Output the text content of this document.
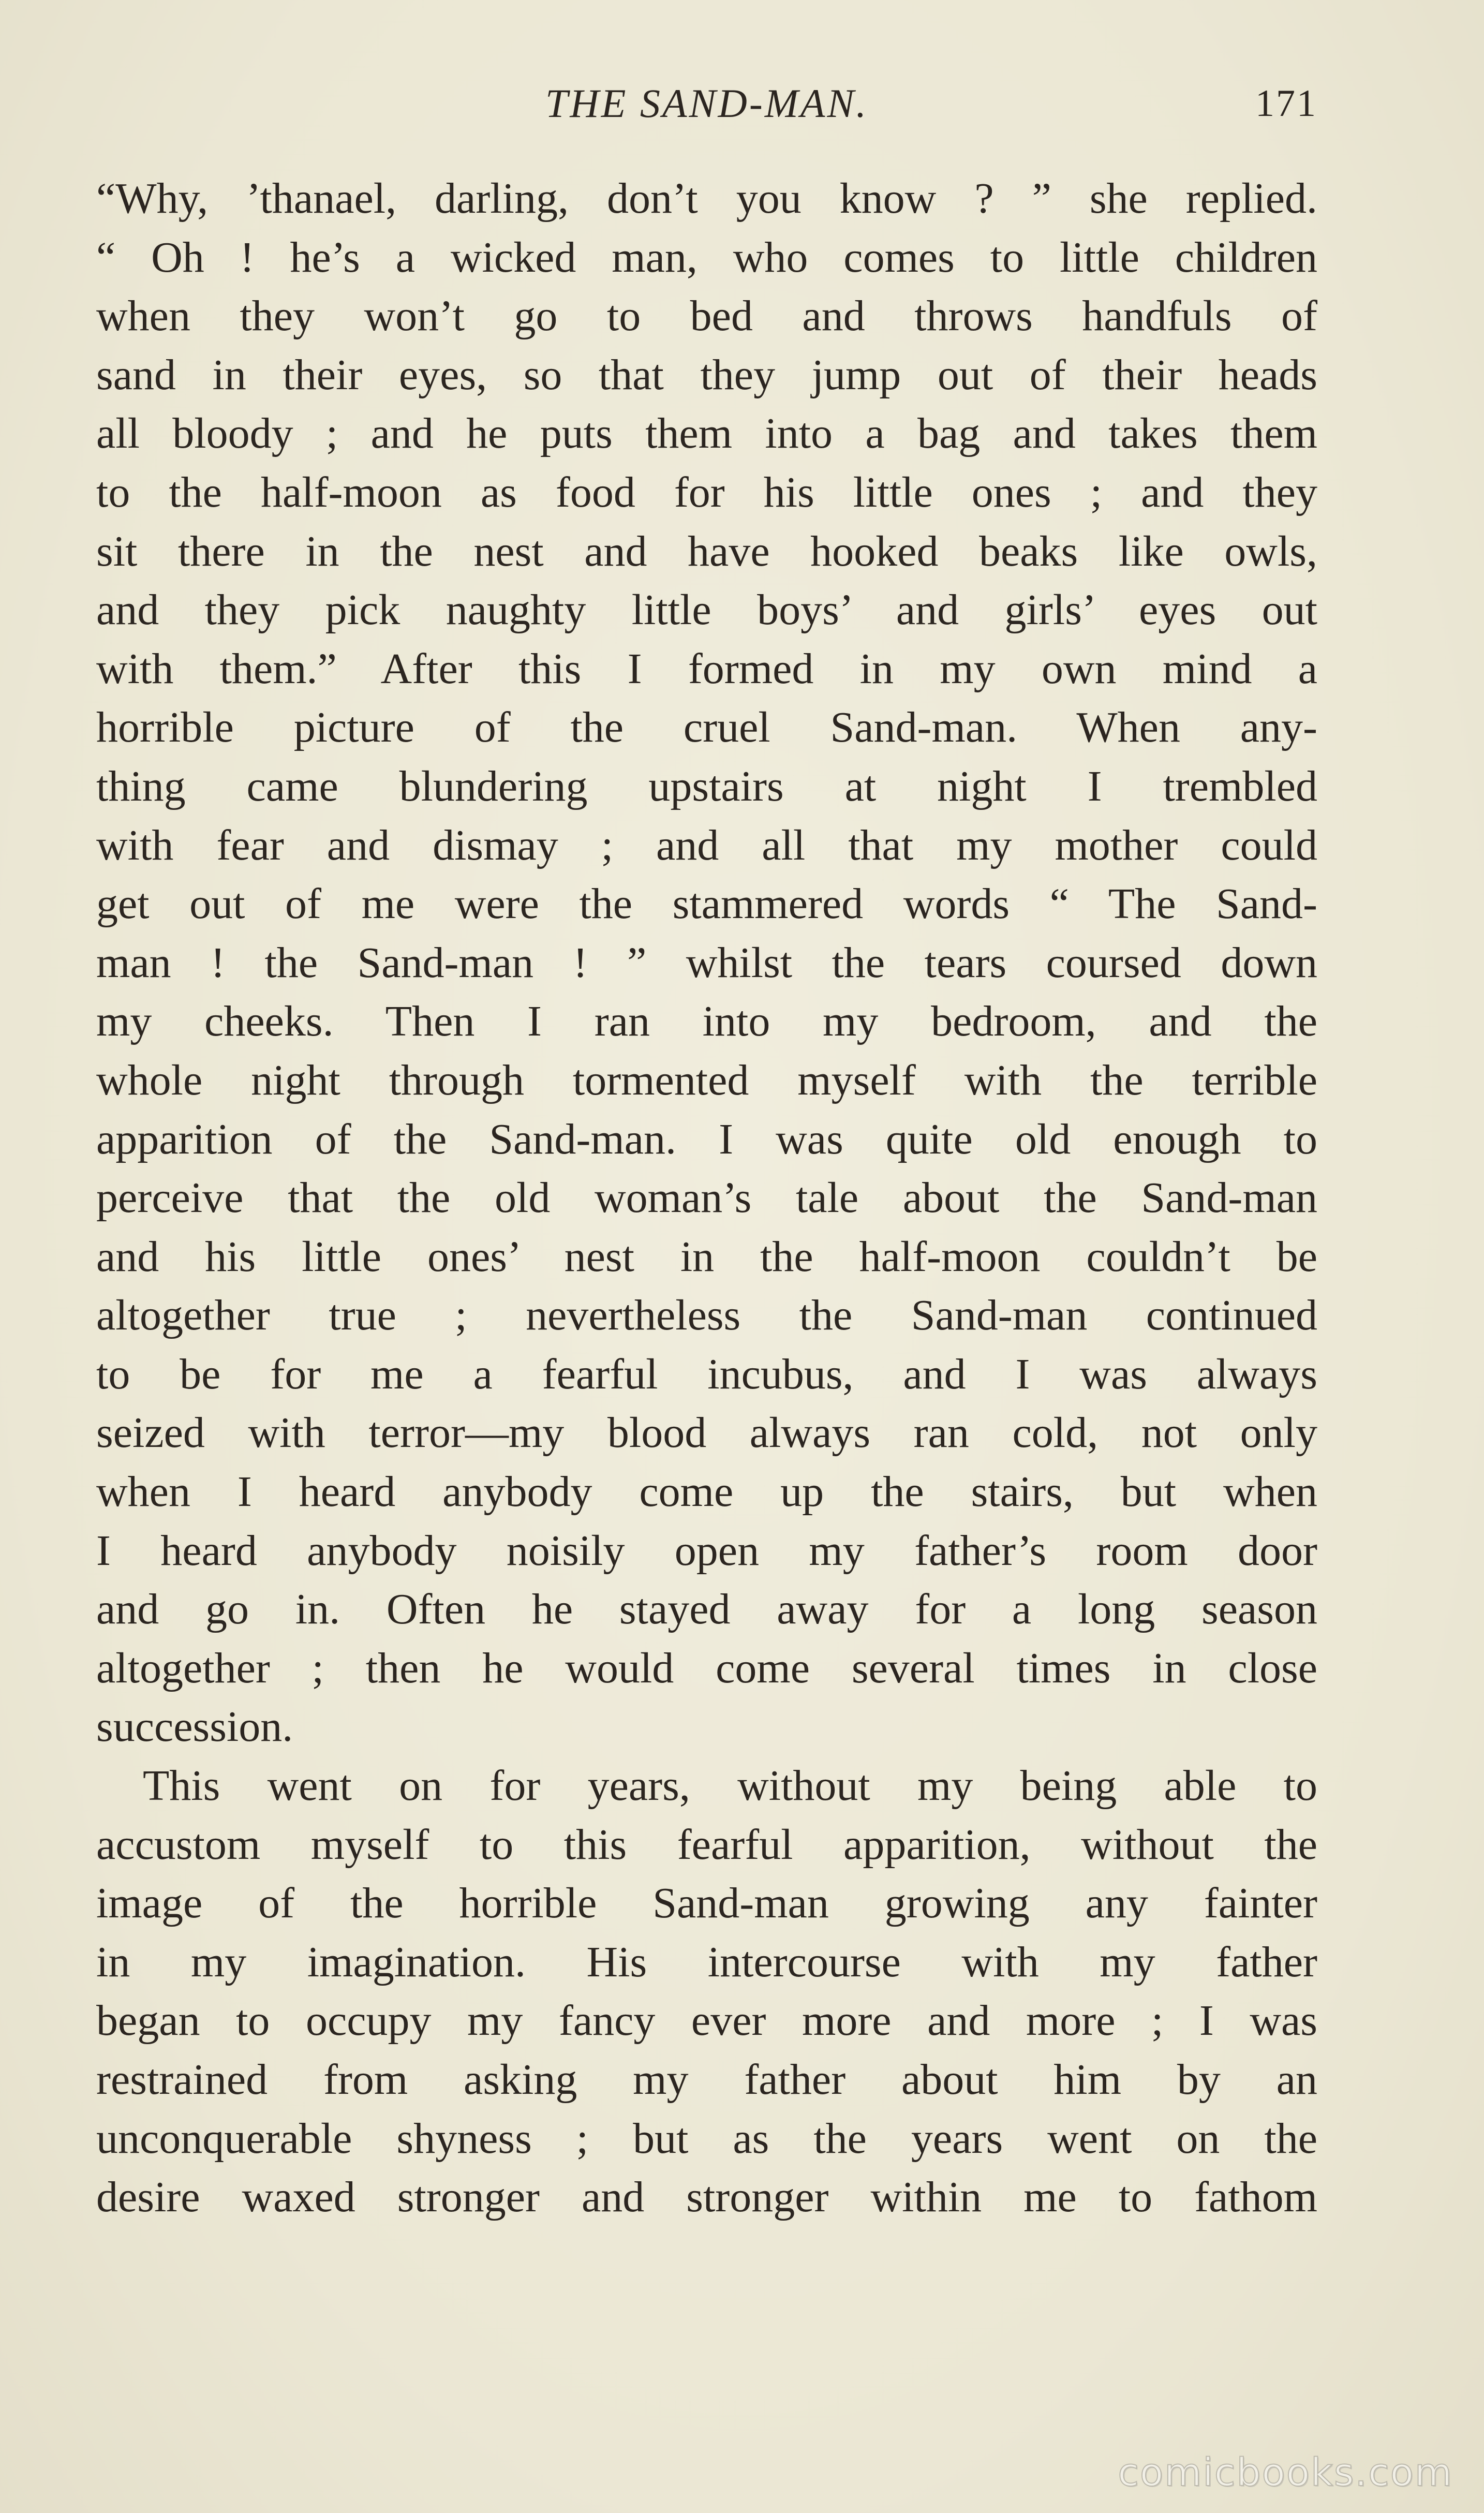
THE SAND-MAN.	171
“Why, ’thanael, darling, don’t you know ? ” she replied.
“ Oh ! he’s a wicked man, who comes to little children
when they won’t go to bed and throws handfuls of
sand in their eyes, so that they jump out of their heads
all bloody ; and he puts them into a bag and takes them
to the half-moon as food for his little ones ; and they
sit there in the nest and have hooked beaks like owls,
and they pick naughty little boys’ and girls’ eyes out
with them.” After this I formed in my own mind a
horrible picture of the cruel Sand-man. When any-
thing came blundering upstairs at night I trembled
with fear and dismay ; and all that my mother could
get out of me were the stammered words “ The Sand-
man ! the Sand-man ! ” whilst the tears coursed down
my cheeks. Then I ran into my bedroom, and the
whole night through tormented myself with the terrible
apparition of the Sand-man. I was quite old enough to
perceive that the old woman’s tale about the Sand-man
and his little ones’ nest in the half-moon couldn’t be
altogether true ; nevertheless the Sand-man continued
to be for me a fearful incubus, and I was always
seized with terror—my blood always ran cold, not only
when I heard anybody come up the stairs, but when
I heard anybody noisily open my father’s room door
and go in. Often he stayed away for a long season
altogether ; then he would come several times in close
succession.
This went on for years, without my being able to
accustom myself to this fearful apparition, without the
image of the horrible Sand-man growing any fainter
in my imagination. His intercourse with my father
began to occupy my fancy ever more and more ; I was
restrained from asking my father about him by an
unconquerable shyness ; but as the years went on the
desire waxed stronger and stronger within me to fathom
comicbooks.com
